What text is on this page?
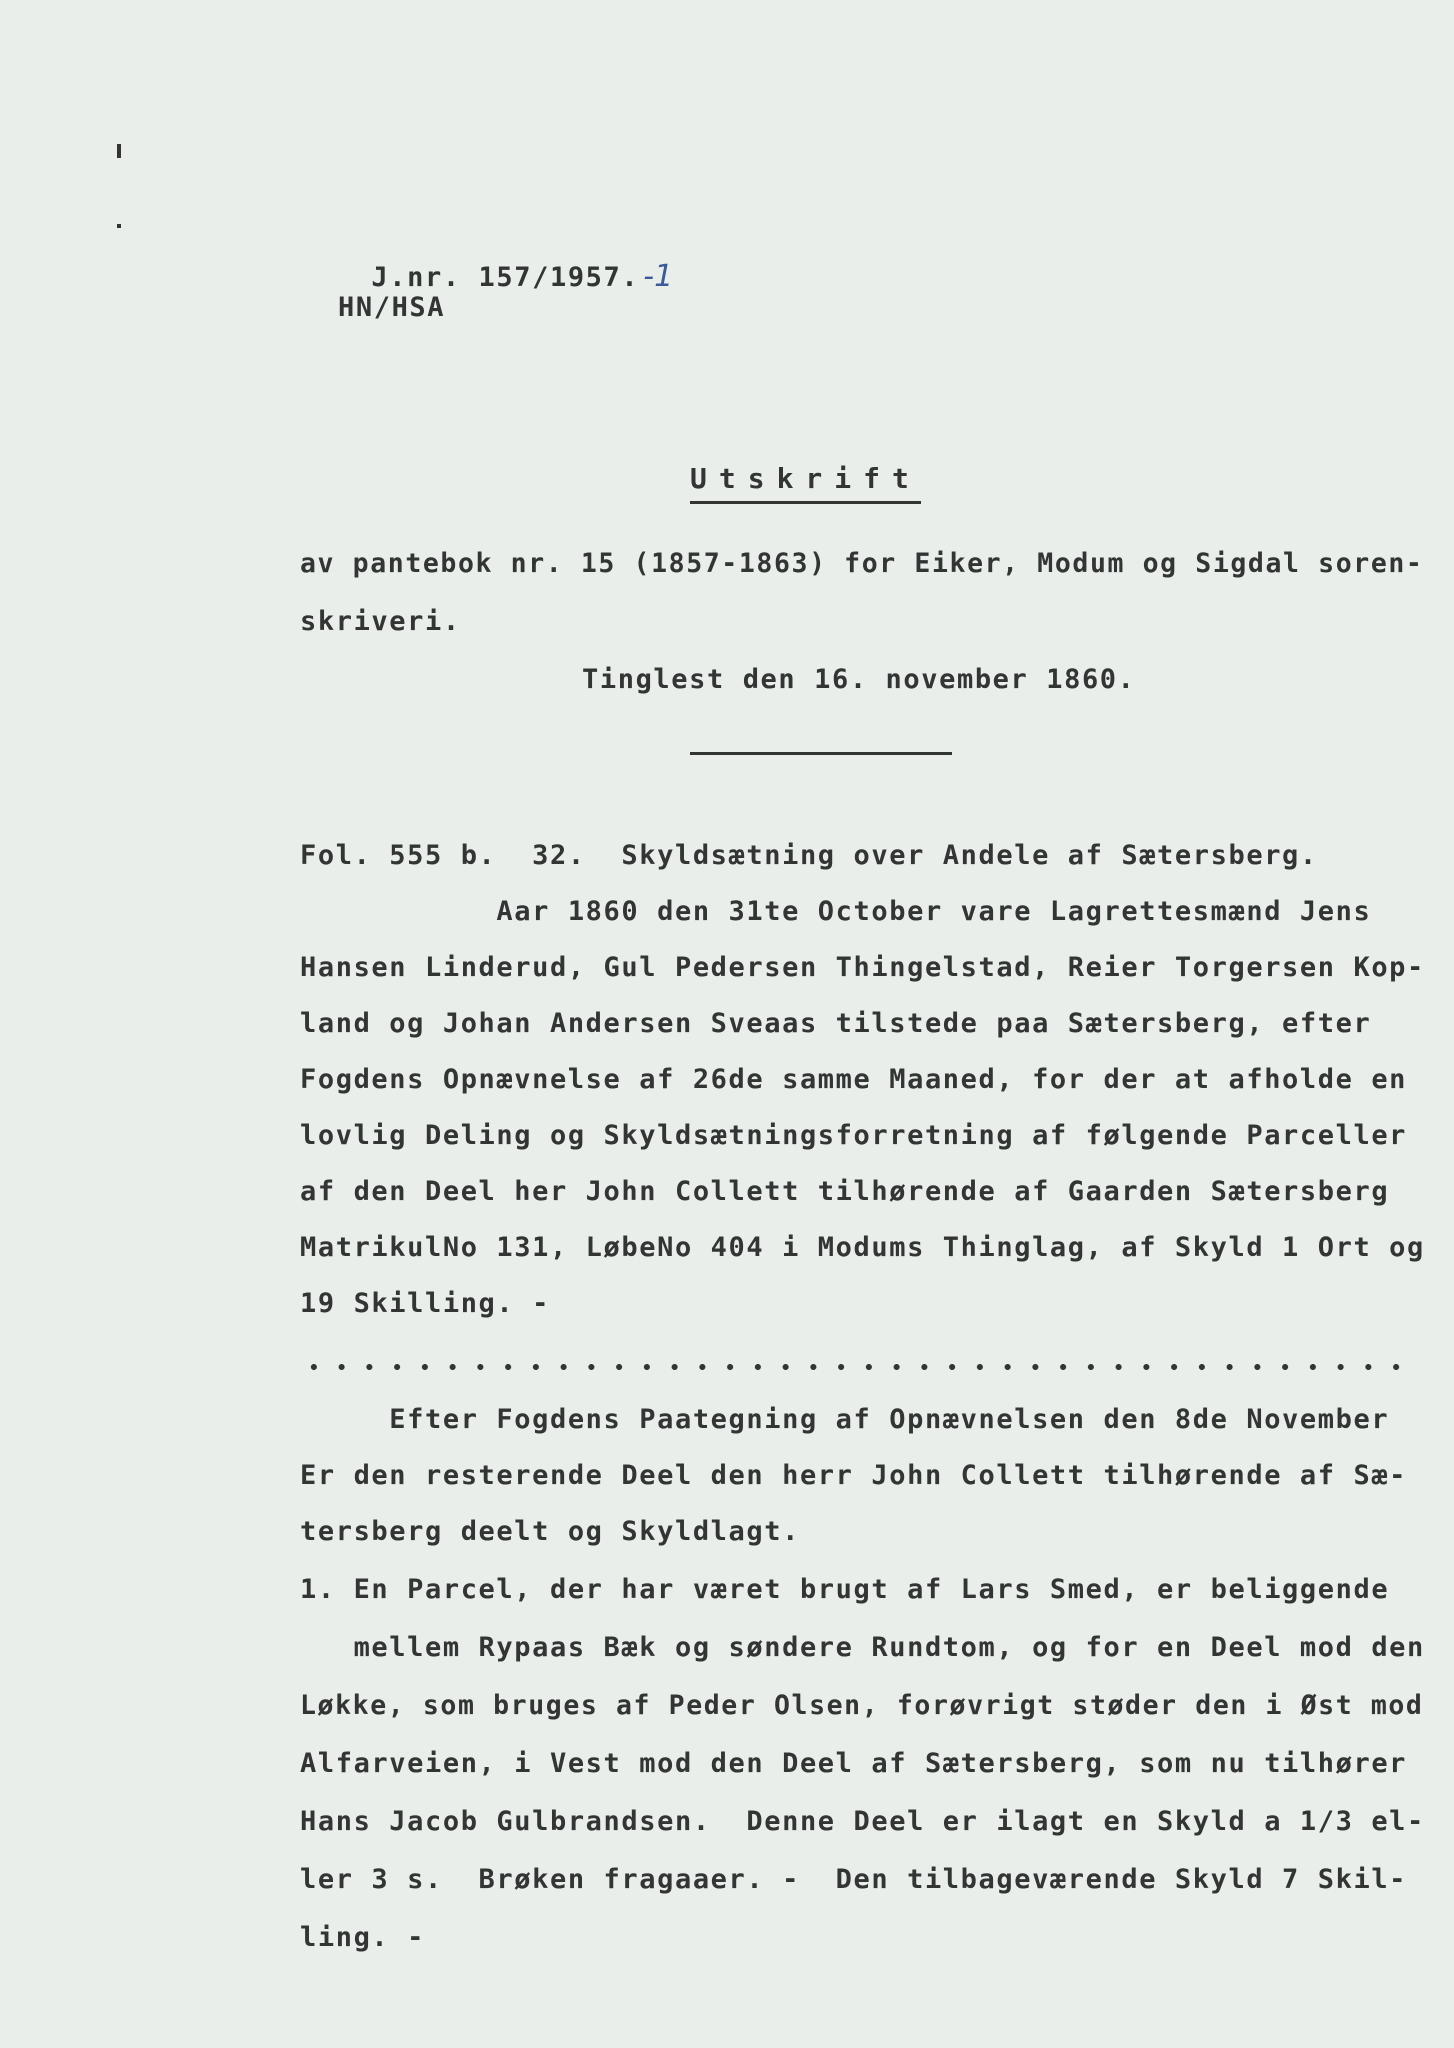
J.nr. 157/1957. -1

HN/HSA
Utskrift
av pantebok nr. 15 (1857-1863) for Eiker, Modum og Sigdal soren-
skriveri.
Tinglest den 16. november 1860.
Fol. 555 b.  32.  Skyldsætning over Andele af Sætersberg.
Aar 1860 den 31te October vare Lagrettesmænd Jens
Hansen Linderud, Gul Pedersen Thingelstad, Reier Torgersen Kop-
land og Johan Andersen Sveaas tilstede paa Sætersberg, efter
Fogdens Opnævnelse af 26de samme Maaned, for der at afholde en
lovlig Deling og Skyldsætningsforretning af følgende Parceller
af den Deel her John Collett tilhørende af Gaarden Sætersberg
MatrikulNo 131, LøbeNo 404 i Modums Thinglag, af Skyld 1 Ort og
19 Skilling. -
Efter Fogdens Paategning af Opnævnelsen den 8de November
Er den resterende Deel den herr John Collett tilhørende af Sæ-
tersberg deelt og Skyldlagt.
1. En Parcel, der har været brugt af Lars Smed, er beliggende
mellem Rypaas Bæk og søndere Rundtom, og for en Deel mod den
Løkke, som bruges af Peder Olsen, forøvrigt støder den i Øst mod
Alfarveien, i Vest mod den Deel af Sætersberg, som nu tilhører
Hans Jacob Gulbrandsen.  Denne Deel er ilagt en Skyld a 1/3 el-
ler 3 s.  Brøken fragaaer. -  Den tilbageværende Skyld 7 Skil-
ling. -
